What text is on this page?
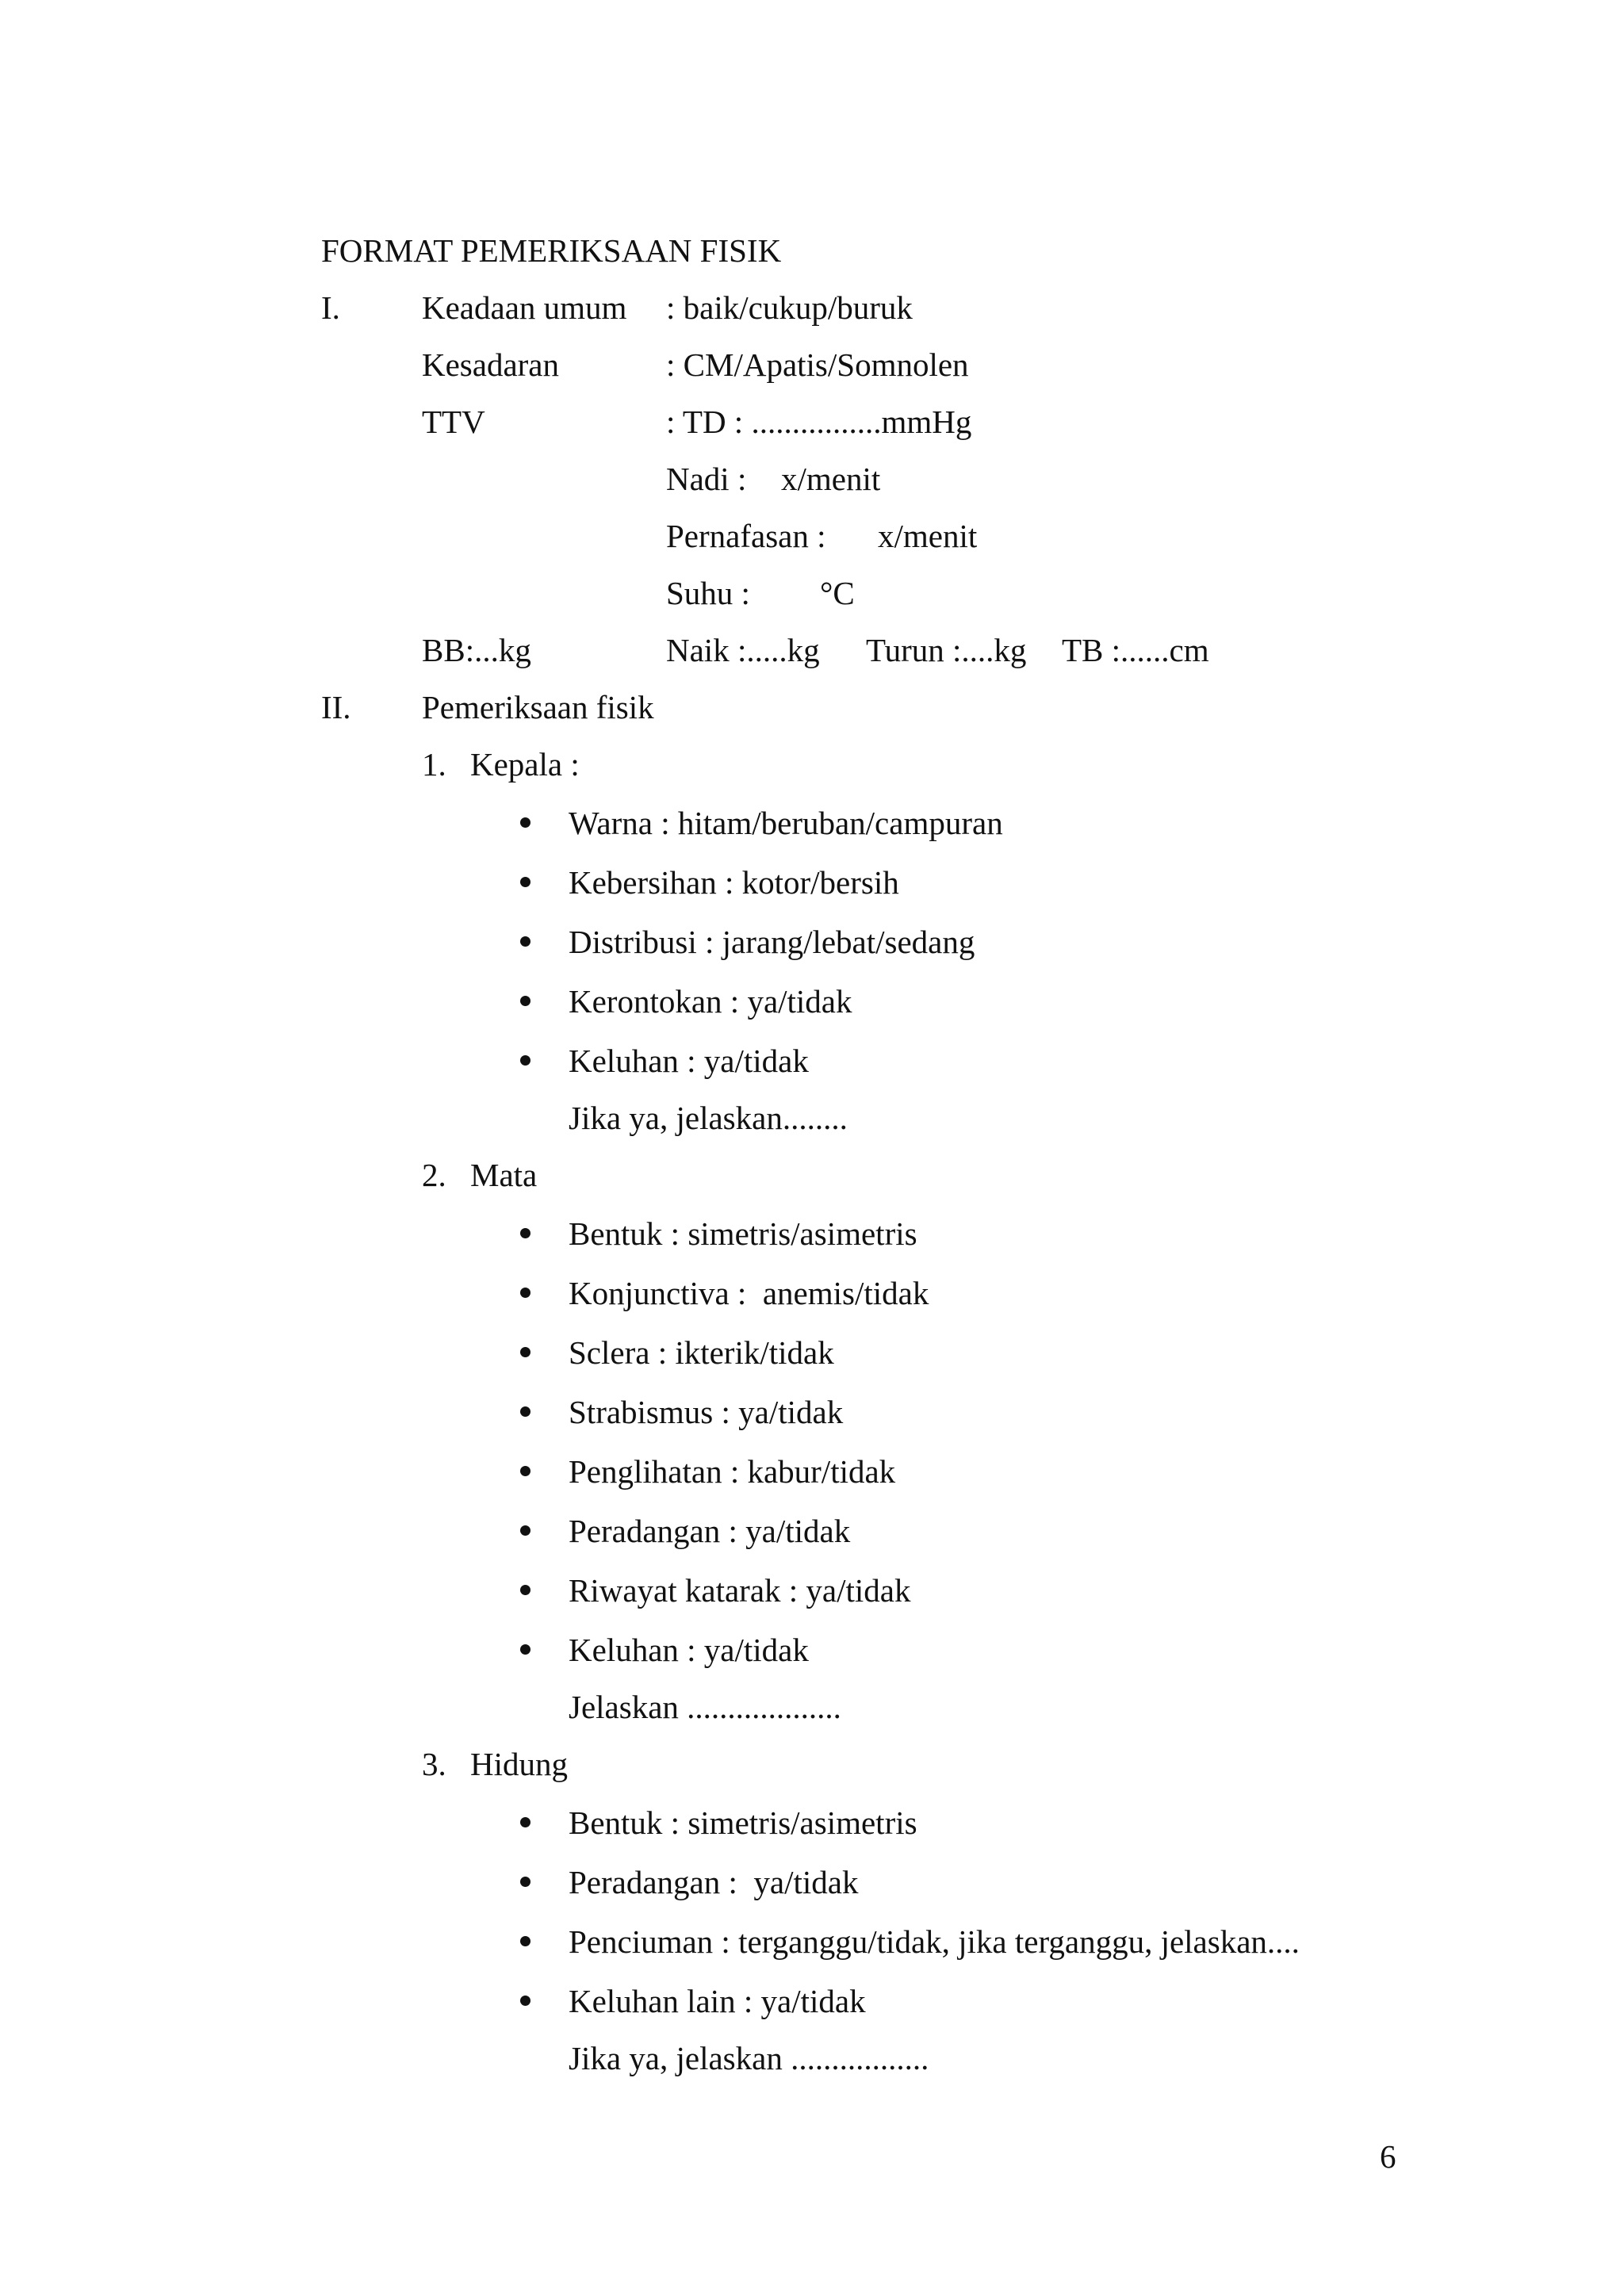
FORMAT PEMERIKSAAN FISIK
I.	Keadaan umum : baik/cukup/buruk
Kesadaran	: CM/Apatis/Somnolen
TTV	: TD : ................mmHg
Nadi : x/menit
Pernafasan : x/menit
Suhu : °C
BB:...kg	Naik :.....kg Turun :....kg TB :......cm
II. Pemeriksaan fisik
1. Kepala :
Warna : hitam/beruban/campuran
Kebersihan : kotor/bersih
Distribusi : jarang/lebat/sedang
Kerontokan : ya/tidak
Keluhan : ya/tidak
Jika ya, jelaskan........
2. Mata
Bentuk : simetris/asimetris
Konjunctiva :  anemis/tidak
Sclera : ikterik/tidak
Strabismus : ya/tidak
Penglihatan : kabur/tidak
Peradangan : ya/tidak
Riwayat katarak : ya/tidak
Keluhan : ya/tidak
Jelaskan ...................
3. Hidung
Bentuk : simetris/asimetris
Peradangan :  ya/tidak
Penciuman : terganggu/tidak, jika terganggu, jelaskan....
Keluhan lain : ya/tidak
Jika ya, jelaskan .................
6
